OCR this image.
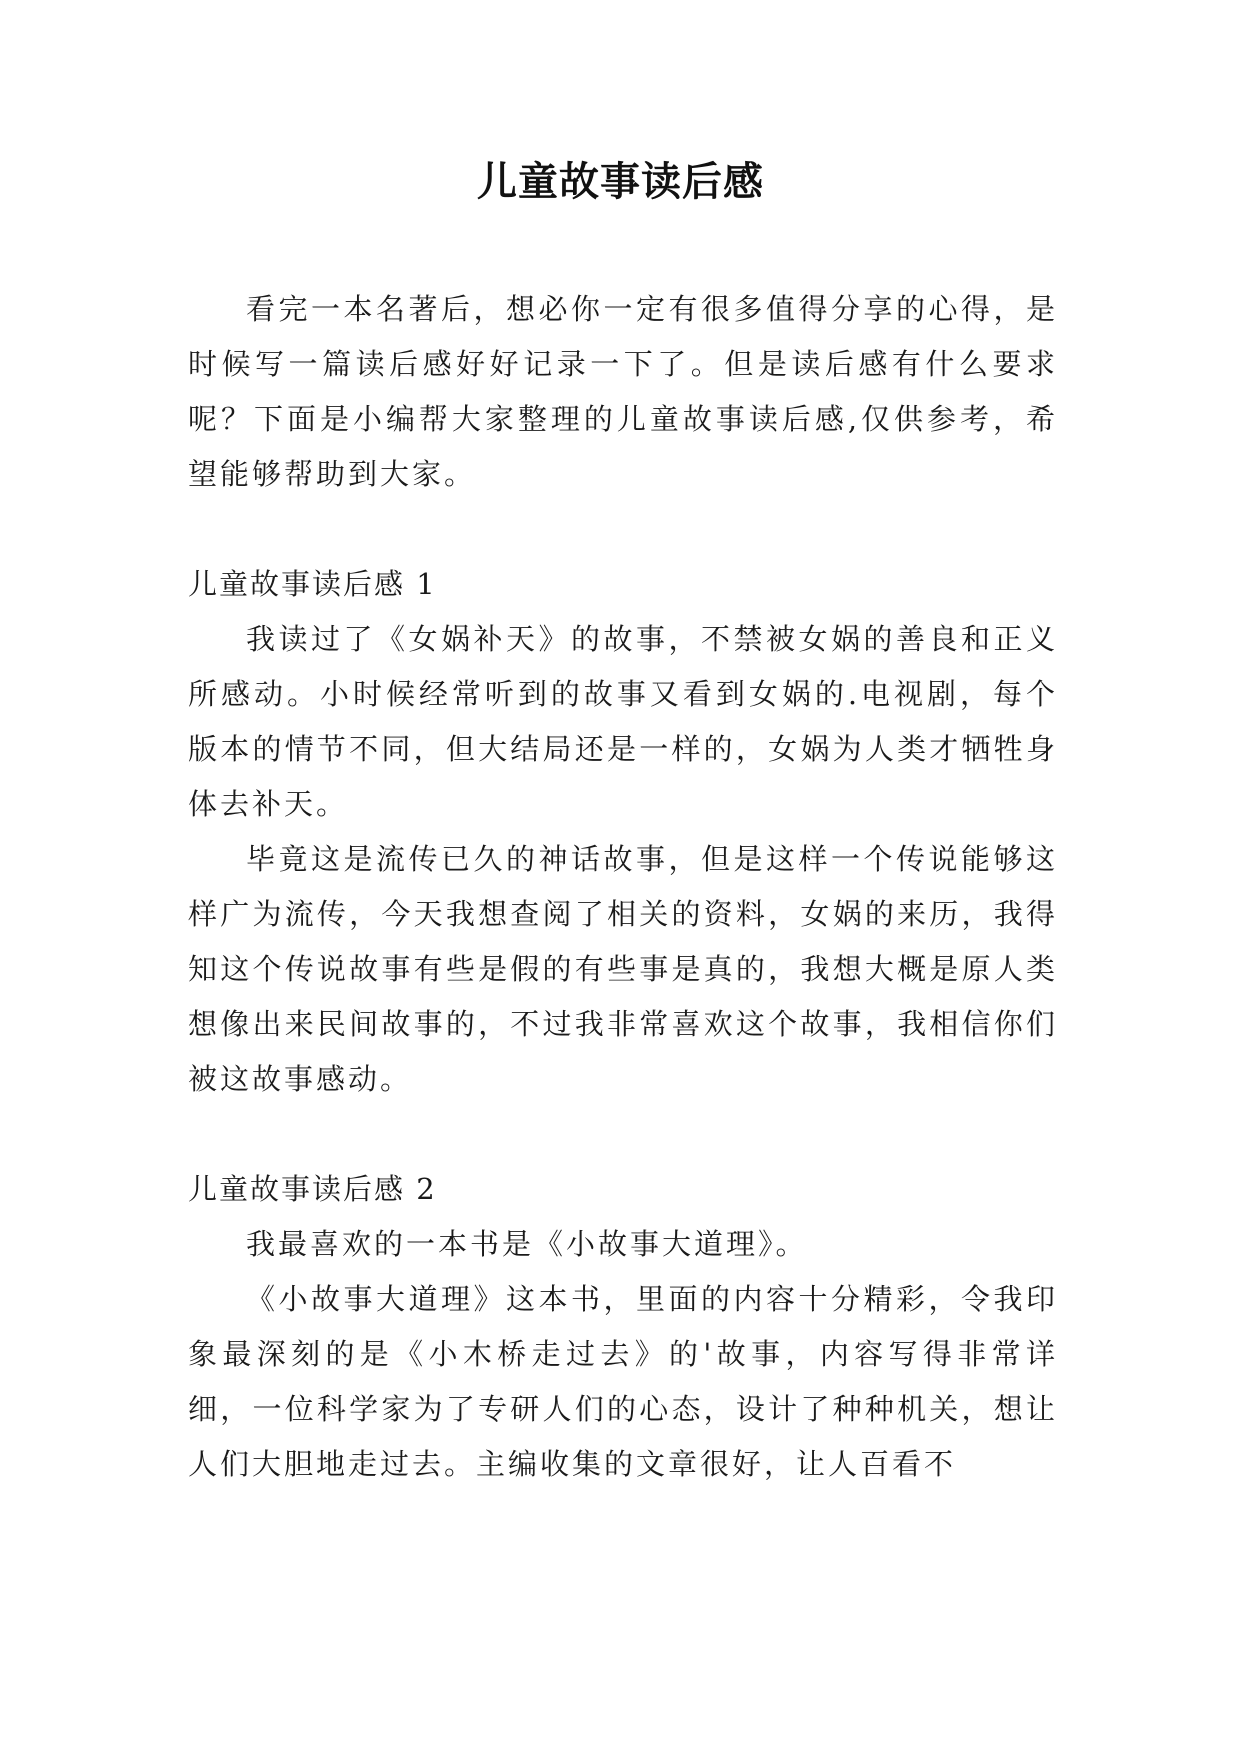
儿童故事读后感

看完一本名著后，想必你一定有很多值得分享的心得，是时候写一篇读后感好好记录一下了。但是读后感有什么要求呢？下面是小编帮大家整理的儿童故事读后感,仅供参考，希望能够帮助到大家。

儿童故事读后感 1

我读过了《女娲补天》的故事，不禁被女娲的善良和正义所感动。小时候经常听到的故事又看到女娲的.电视剧，每个版本的情节不同，但大结局还是一样的，女娲为人类才牺牲身体去补天。

毕竟这是流传已久的神话故事，但是这样一个传说能够这样广为流传，今天我想查阅了相关的资料，女娲的来历，我得知这个传说故事有些是假的有些事是真的，我想大概是原人类想像出来民间故事的，不过我非常喜欢这个故事，我相信你们被这故事感动。

儿童故事读后感 2

我最喜欢的一本书是《小故事大道理》。

《小故事大道理》这本书，里面的内容十分精彩，令我印象最深刻的是《小木桥走过去》的'故事，内容写得非常详细，一位科学家为了专研人们的心态，设计了种种机关，想让人们大胆地走过去。主编收集的文章很好，让人百看不
